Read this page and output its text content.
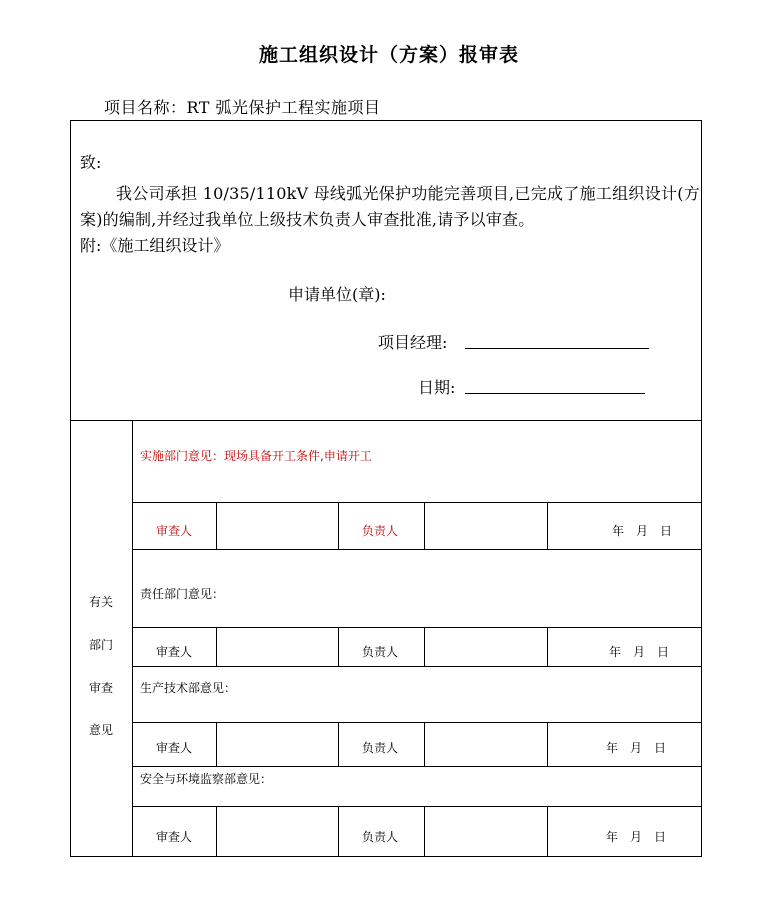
施工组织设计（方案）报审表
项目名称：RT 弧光保护工程实施项目
致:
我公司承担 10/35/110kV 母线弧光保护功能完善项目,已完成了施工组织设计(方案)的编制,并经过我单位上级技术负责人审查批准,请予以审查。
附:《施工组织设计》
申请单位(章):
项目经理:
日期:
有关
部门
审查
意见
实施部门意见：现场具备开工条件,申请开工
审查人	负责人	年　月　日
责任部门意见：
审查人	负责人	年　月　日
生产技术部意见：
审查人	负责人	年　月　日
安全与环境监察部意见：
审查人	负责人	年　月　日
